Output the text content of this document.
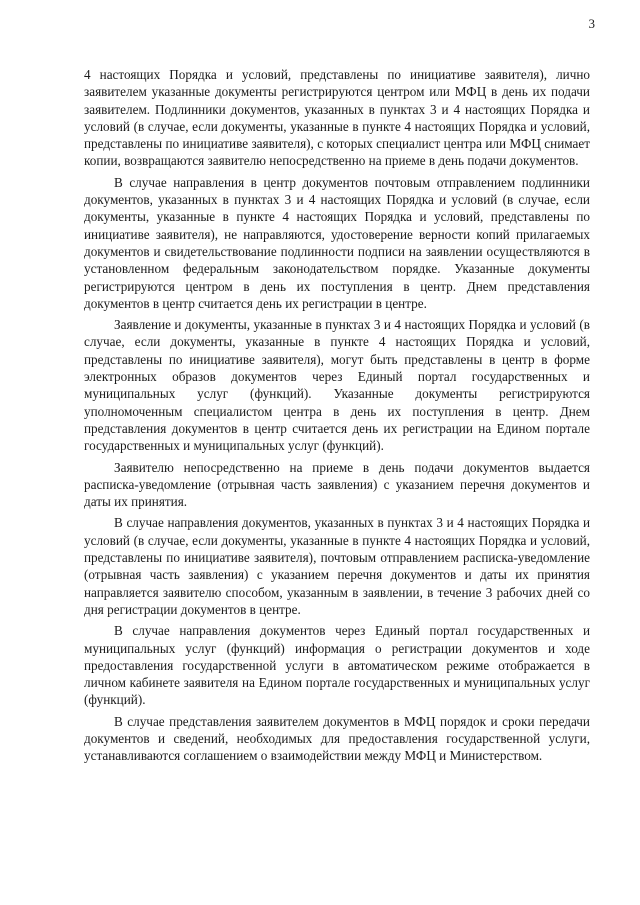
3

4 настоящих Порядка и условий, представлены по инициативе заявителя), лично заявителем указанные документы регистрируются центром или МФЦ в день их подачи заявителем. Подлинники документов, указанных в пунктах 3 и 4 настоящих Порядка и условий (в случае, если документы, указанные в пункте 4 настоящих Порядка и условий, представлены по инициативе заявителя), с которых специалист центра или МФЦ снимает копии, возвращаются заявителю непосредственно на приеме в день подачи документов.

В случае направления в центр документов почтовым отправлением подлинники документов, указанных в пунктах 3 и 4 настоящих Порядка и условий (в случае, если документы, указанные в пункте 4 настоящих Порядка и условий, представлены по инициативе заявителя), не направляются, удостоверение верности копий прилагаемых документов и свидетельствование подлинности подписи на заявлении осуществляются в установленном федеральным законодательством порядке. Указанные документы регистрируются центром в день их поступления в центр. Днем представления документов в центр считается день их регистрации в центре.

Заявление и документы, указанные в пунктах 3 и 4 настоящих Порядка и условий (в случае, если документы, указанные в пункте 4 настоящих Порядка и условий, представлены по инициативе заявителя), могут быть представлены в центр в форме электронных образов документов через Единый портал государственных и муниципальных услуг (функций). Указанные документы регистрируются уполномоченным специалистом центра в день их поступления в центр. Днем представления документов в центр считается день их регистрации на Едином портале государственных и муниципальных услуг (функций).

Заявителю непосредственно на приеме в день подачи документов выдается расписка-уведомление (отрывная часть заявления) с указанием перечня документов и даты их принятия.

В случае направления документов, указанных в пунктах 3 и 4 настоящих Порядка и условий (в случае, если документы, указанные в пункте 4 настоящих Порядка и условий, представлены по инициативе заявителя), почтовым отправлением расписка-уведомление (отрывная часть заявления) с указанием перечня документов и даты их принятия направляется заявителю способом, указанным в заявлении, в течение 3 рабочих дней со дня регистрации документов в центре.

В случае направления документов через Единый портал государственных и муниципальных услуг (функций) информация о регистрации документов и ходе предоставления государственной услуги в автоматическом режиме отображается в личном кабинете заявителя на Едином портале государственных и муниципальных услуг (функций).

В случае представления заявителем документов в МФЦ порядок и сроки передачи документов и сведений, необходимых для предоставления государственной услуги, устанавливаются соглашением о взаимодействии между МФЦ и Министерством.
